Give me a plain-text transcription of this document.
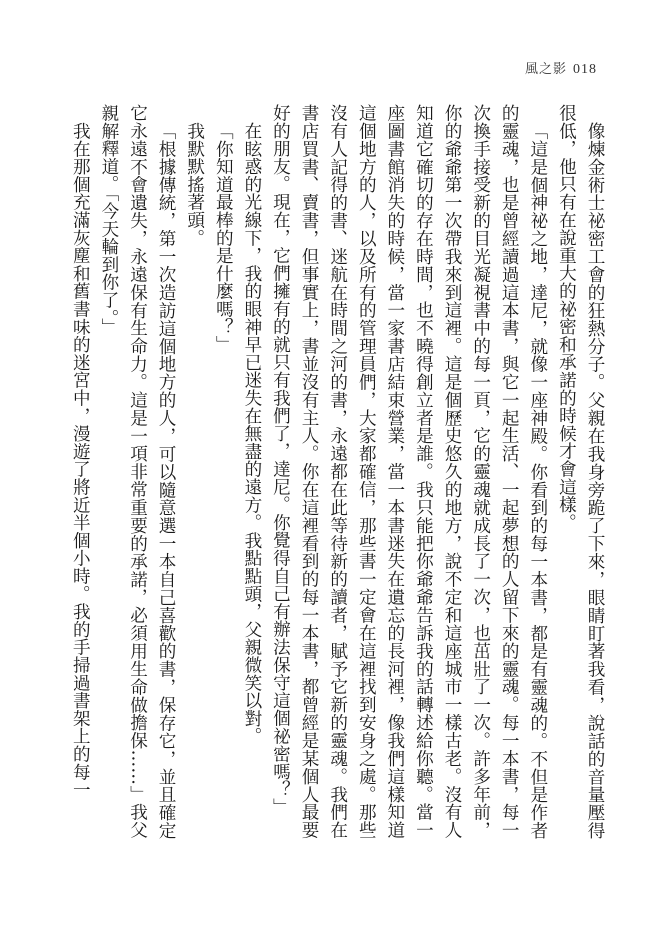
風之影 018

像煉金術士祕密工會的狂熱分子。父親在我身旁跪了下來，眼睛盯著我看，說話的音量壓得很低，他只有在說重大的祕密和承諾的時候才會這樣。

「這是個神祕之地，達尼，就像一座神殿。你看到的每一本書，都是有靈魂的。不但是作者的靈魂，也是曾經讀過這本書，與它一起生活、一起夢想的人留下來的靈魂。每一本書，每一次換手接受新的目光凝視書中的每一頁，它的靈魂就成長了一次，也茁壯了一次。許多年前，你的爺爺第一次帶我來到這裡。這是個歷史悠久的地方，說不定和這座城市一樣古老。沒有人知道它確切的存在時間，也不曉得創立者是誰。我只能把你爺爺告訴我的話轉述給你聽。當一座圖書館消失的時候，當一家書店結束營業，當一本書迷失在遺忘的長河裡，像我們這樣知道這個地方的人，以及所有的管理員們，大家都確信，那些書一定會在這裡找到安身之處。那些沒有人記得的書、迷航在時間之河的書，永遠都在此等待新的讀者，賦予它新的靈魂。我們在書店買書、賣書，但事實上，書並沒有主人。你在這裡看到的每一本書，都曾經是某個人最要好的朋友。現在，它們擁有的就只有我們了，達尼。你覺得自己有辦法保守這個祕密嗎？」

在眩惑的光線下，我的眼神早已迷失在無盡的遠方。我點點頭，父親微笑以對。

「你知道最棒的是什麼嗎？」

我默默搖著頭。

「根據傳統，第一次造訪這個地方的人，可以隨意選一本自己喜歡的書，保存它，並且確定它永遠不會遺失，永遠保有生命力。這是一項非常重要的承諾，必須用生命做擔保……」我父親解釋道。「今天輪到你了。」

我在那個充滿灰塵和舊書味的迷宮中，漫遊了將近半個小時。我的手掃過書架上的每一
